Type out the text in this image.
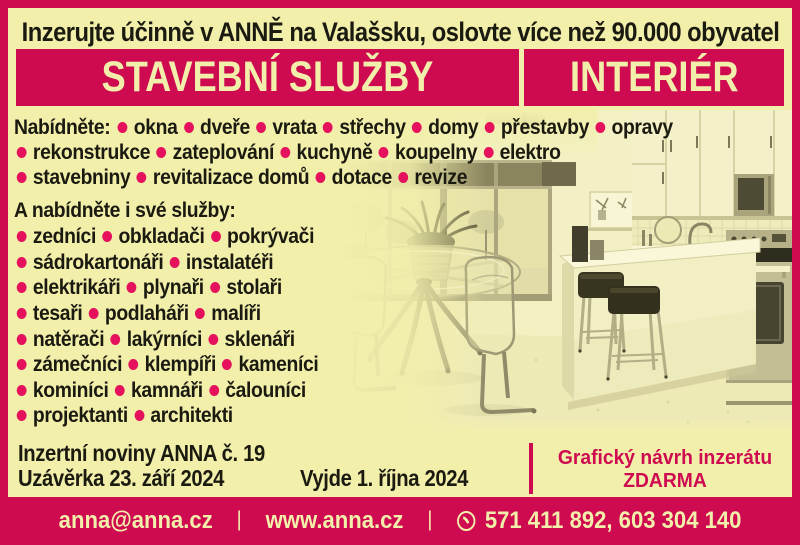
Inzerujte účinně v ANNĚ na Valašsku, oslovte více než 90.000 obyvatel
STAVEBNÍ SLUŽBY	INTERIÉR
Nabídněte: okna dveře vrata střechy domy přestavby opravy
rekonstrukce zateplování kuchyně koupelny elektro
stavebniny revitalizace domů dotace revize
A nabídněte i své služby:
zedníci obkladači pokrývači
sádrokartonáři instalatéři
elektrikáři plynaři stolaři
tesaři podlaháři malíři
natěrači lakýrníci sklenáři
zámečníci klempíři kameníci
kominíci kamnáři čalouníci
projektanti architekti
Inzertní noviny ANNA č. 19
Uzávěrka 23. září 2024	Vyjde 1. října 2024
Grafický návrh inzerátu
ZDARMA
anna@anna.cz | www.anna.cz | 571 411 892, 603 304 140
